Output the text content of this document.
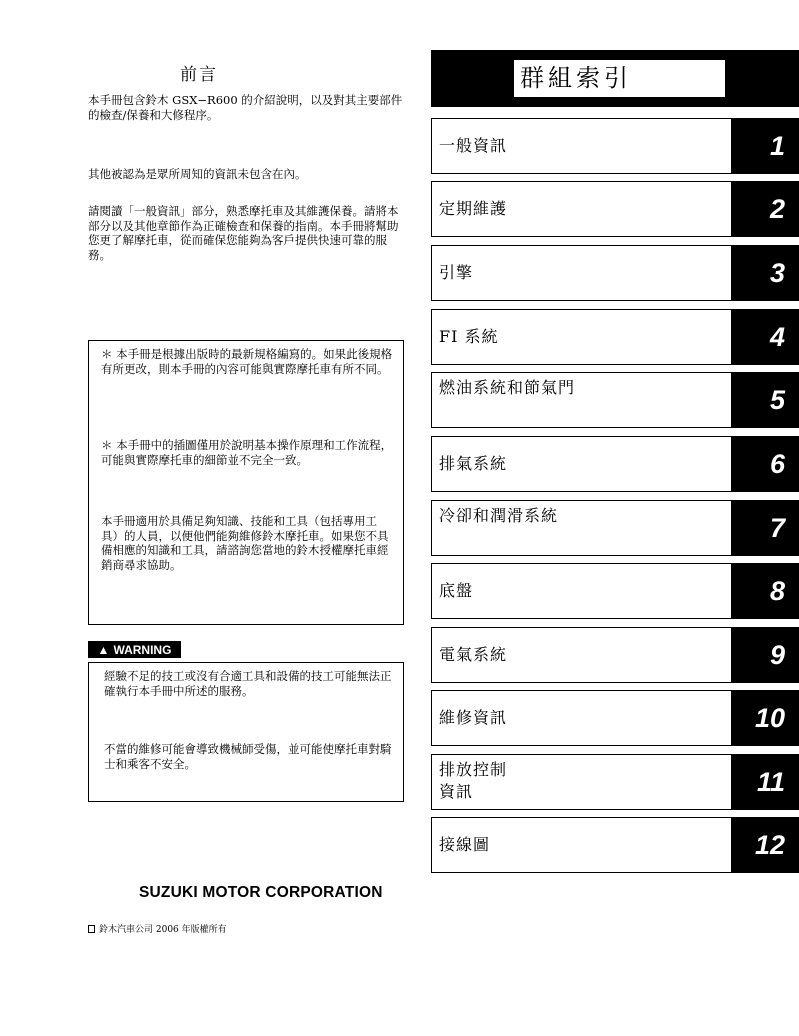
前言
本手冊包含鈴木 GSX−R600 的介紹說明，以及對其主要部件的檢查/保養和大修程序。
其他被認為是眾所周知的資訊未包含在內。
請閱讀「一般資訊」部分，熟悉摩托車及其維護保養。請將本部分以及其他章節作為正確檢查和保養的指南。本手冊將幫助您更了解摩托車，從而確保您能夠為客戶提供快速可靠的服務。
＊ 本手冊是根據出版時的最新規格編寫的。如果此後規格有所更改，則本手冊的內容可能與實際摩托車有所不同。
＊ 本手冊中的插圖僅用於說明基本操作原理和工作流程，可能與實際摩托車的細節並不完全一致。
本手冊適用於具備足夠知識、技能和工具（包括專用工具）的人員，以便他們能夠維修鈴木摩托車。如果您不具備相應的知識和工具，請諮詢您當地的鈴木授權摩托車經銷商尋求協助。
▲ WARNING
經驗不足的技工或沒有合適工具和設備的技工可能無法正確執行本手冊中所述的服務。
不當的維修可能會導致機械師受傷，並可能使摩托車對騎士和乘客不安全。
SUZUKI MOTOR CORPORATION
鈴木汽車公司 2006 年版權所有
群組索引
一般資訊	1
定期維護	2
引擎	3
FI 系統	4
燃油系統和節氣門	5
排氣系統	6
冷卻和潤滑系統	7
底盤	8
電氣系統	9
維修資訊	10
排放控制資訊	11
接線圖	12
